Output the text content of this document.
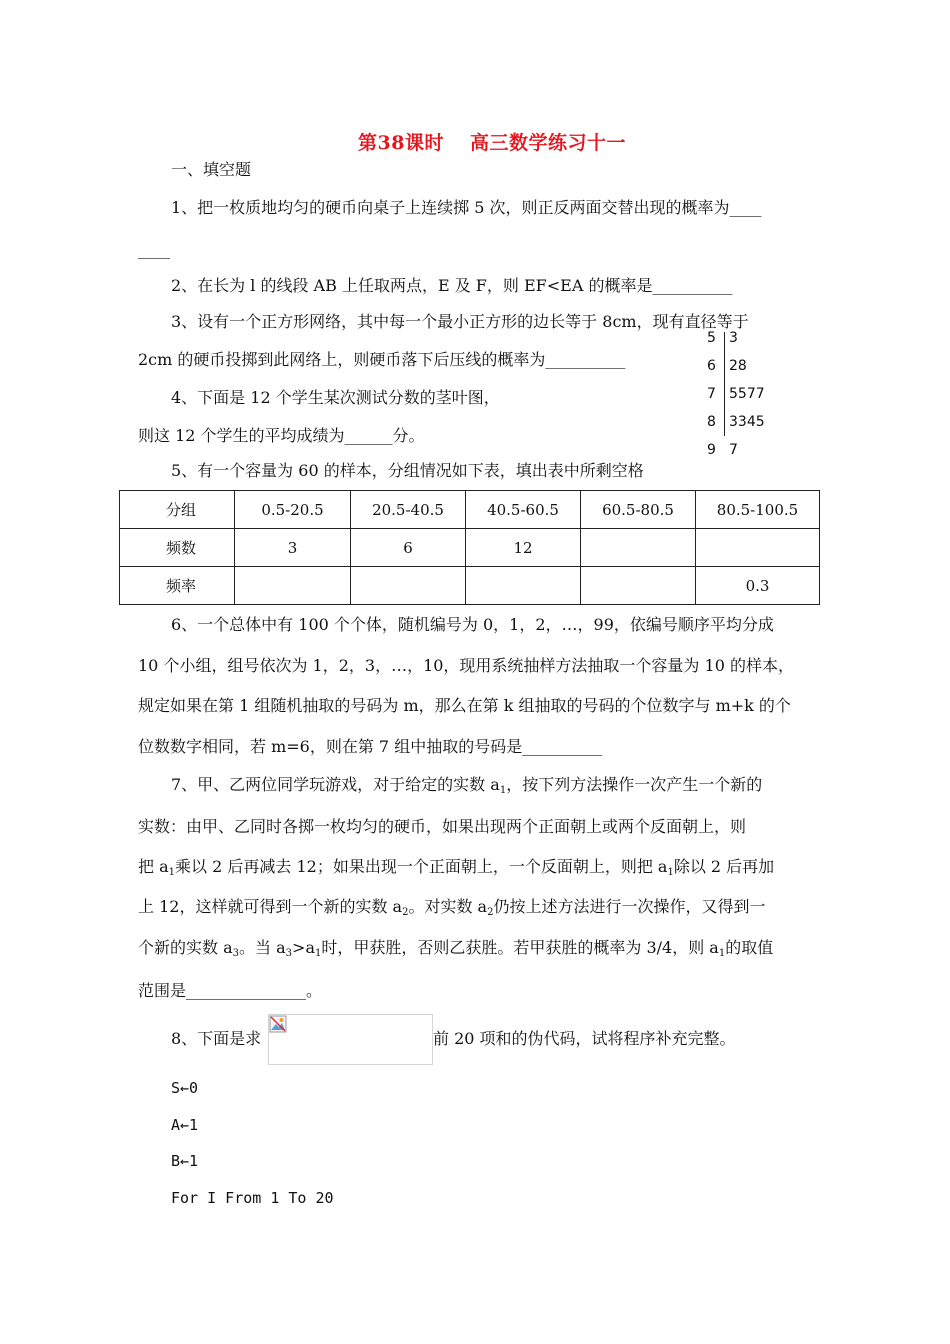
第38课时 高三数学练习十一
一、填空题
1、把一枚质地均匀的硬币向桌子上连续掷 5 次，则正反两面交替出现的概率为____
____
2、在长为 l 的线段 AB 上任取两点，E 及 F，则 EF<EA 的概率是__________
3、设有一个正方形网络，其中每一个最小正方形的边长等于 8cm，现有直径等于
2cm 的硬币投掷到此网络上，则硬币落下后压线的概率为__________
4、下面是 12 个学生某次测试分数的茎叶图，
则这 12 个学生的平均成绩为______分。
5 3
6 28
7 5577
8 3345
9 7
5、有一个容量为 60 的样本，分组情况如下表，填出表中所剩空格
分组	0.5-20.5	20.5-40.5	40.5-60.5	60.5-80.5	80.5-100.5
频数	3	6	12		
频率					0.3
6、一个总体中有 100 个个体，随机编号为 0，1，2，…，99，依编号顺序平均分成
10 个小组，组号依次为 1，2，3，…，10，现用系统抽样方法抽取一个容量为 10 的样本，
规定如果在第 1 组随机抽取的号码为 m，那么在第 k 组抽取的号码的个位数字与 m+k 的个
位数数字相同，若 m=6，则在第 7 组中抽取的号码是__________
7、甲、乙两位同学玩游戏，对于给定的实数 $a_1$，按下列方法操作一次产生一个新的
实数：由甲、乙同时各掷一枚均匀的硬币，如果出现两个正面朝上或两个反面朝上，则
把 $a_1$乘以 2 后再减去 12；如果出现一个正面朝上，一个反面朝上，则把 $a_1$除以 2 后再加
上 12，这样就可得到一个新的实数 $a_2$。对实数 $a_2$仍按上述方法进行一次操作，又得到一
个新的实数 $a_3$。当 $a_3>a_1$时，甲获胜，否则乙获胜。若甲获胜的概率为 3/4，则 $a_1$的取值
范围是_______________。
8、下面是求	前 20 项和的伪代码，试将程序补充完整。
S←0
A←1
B←1
For I From 1 To 20
